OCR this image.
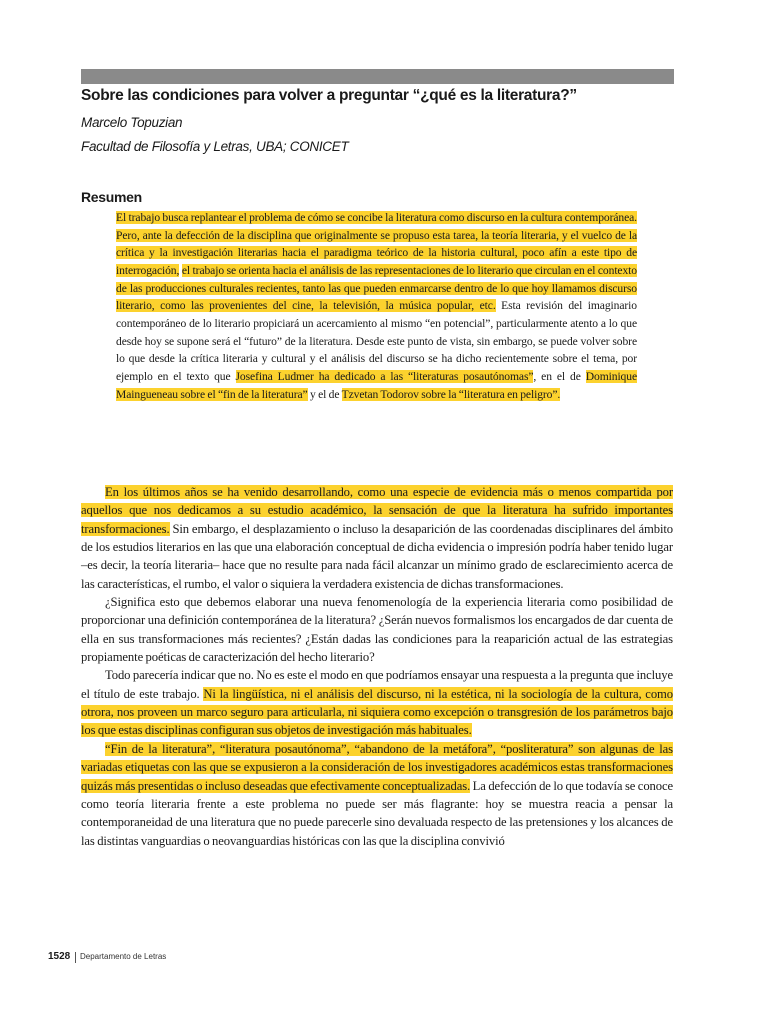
Sobre las condiciones para volver a preguntar “¿qué es la literatura?”
Marcelo Topuzian
Facultad de Filosofía y Letras, UBA; CONICET
Resumen

El trabajo busca replantear el problema de cómo se concibe la literatura como discurso en la cultura contemporánea. Pero, ante la defección de la disciplina que originalmente se propuso esta tarea, la teoría literaria, y el vuelco de la crítica y la investigación literarias hacia el paradigma teórico de la historia cultural, poco afín a este tipo de interrogación, el trabajo se orienta hacia el análisis de las representaciones de lo literario que circulan en el contexto de las producciones culturales recientes, tanto las que pueden enmarcarse dentro de lo que hoy llamamos discurso literario, como las provenientes del cine, la televisión, la música popular, etc. Esta revisión del imaginario contemporáneo de lo literario propiciará un acercamiento al mismo “en potencial”, particularmente atento a lo que desde hoy se supone será el “futuro” de la literatura. Desde este punto de vista, sin embargo, se puede volver sobre lo que desde la crítica literaria y cultural y el análisis del discurso se ha dicho recientemente sobre el tema, por ejemplo en el texto que Josefina Ludmer ha dedicado a las “literaturas posautónomas”, en el de Dominique Maingueneau sobre el “fin de la literatura” y el de Tzvetan Todorov sobre la “literatura en peligro”.

En los últimos años se ha venido desarrollando, como una especie de evidencia más o menos compartida por aquellos que nos dedicamos a su estudio académico, la sensación de que la literatura ha sufrido importantes transformaciones. Sin embargo, el desplazamiento o incluso la desaparición de las coordenadas disciplinares del ámbito de los estudios literarios en las que una elaboración conceptual de dicha evidencia o impresión podría haber tenido lugar –es decir, la teoría literaria– hace que no resulte para nada fácil alcanzar un mínimo grado de esclarecimiento acerca de las características, el rumbo, el valor o siquiera la verdadera existencia de dichas transformaciones.

¿Significa esto que debemos elaborar una nueva fenomenología de la experiencia literaria como posibilidad de proporcionar una definición contemporánea de la literatura? ¿Serán nuevos formalismos los encargados de dar cuenta de ella en sus transformaciones más recientes? ¿Están dadas las condiciones para la reaparición actual de las estrategias propiamente poéticas de caracterización del hecho literario?

Todo parecería indicar que no. No es este el modo en que podríamos ensayar una respuesta a la pregunta que incluye el título de este trabajo. Ni la lingüística, ni el análisis del discurso, ni la estética, ni la sociología de la cultura, como otrora, nos proveen un marco seguro para articularla, ni siquiera como excepción o transgresión de los parámetros bajo los que estas disciplinas configuran sus objetos de investigación más habituales.

“Fin de la literatura”, “literatura posautónoma”, “abandono de la metáfora”, “posliteratura” son algunas de las variadas etiquetas con las que se expusieron a la consideración de los investigadores académicos estas transformaciones quizás más presentidas o incluso deseadas que efectivamente conceptualizadas. La defección de lo que todavía se conoce como teoría literaria frente a este problema no puede ser más flagrante: hoy se muestra reacia a pensar la contemporaneidad de una literatura que no puede parecerle sino devaluada respecto de las pretensiones y los alcances de las distintas vanguardias o neovanguardias históricas con las que la disciplina convivió

1528 Departamento de Letras
